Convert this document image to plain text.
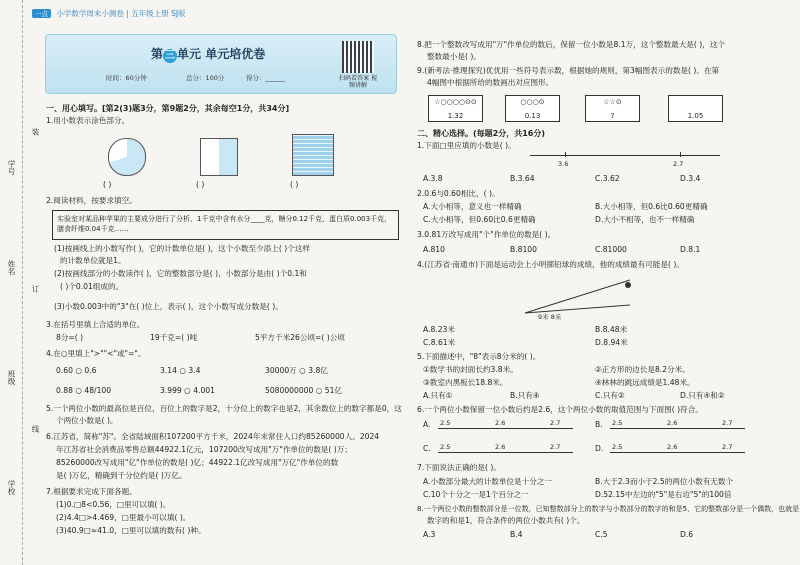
学号
姓名
班级
学校
装
订
线
一点 小学数学周末小测卷 | 五年级上册 SJ版
第 三 单元 单元培优卷
时间：60分钟	总分：100分	得分：______	扫码看答案 视频讲解
一、用心填写。[第2(3)题3分，第9题2分，其余每空1分，共34分]
1.用小数表示涂色部分。
( )	( )	( )
2.阅读材料，按要求填空。
实验室对某品种苹果的主要成分进行了分析，1千克中含有水分____克，糖分0.12千克，蛋白质0.003千克，膳食纤维0.04千克……
(1)按画线上的小数写作( )，它的计数单位是( )，这个小数至少添上( )个这样
的计数单位就是1。
(2)按画线部分的小数读作( )，它的整数部分是( )，小数部分是由( )个0.1和
( )个0.01组成的。
(3)小数0.003中的"3"在( )位上，表示( )，这个小数写成分数是( )。
3.在括号里填上合适的单位。
8分=( )	19千克=( )吨	5平方千米26公顷=( )公顷
4.在○里填上">""<"或"="。
0.60 ○ 0.6	3.14 ○ 3.4	30000万 ○ 3.8亿
0.88 ○ 48/100	3.999 ○ 4.001	5080000000 ○ 51亿
5.一个两位小数的最高位是百位，百位上的数字是2，十分位上的数字也是2，其余数位上的数字都是0，这
个两位小数是( )。
6.江苏省，简称"苏"。全省陆域面积107200平方千米，2024年末常住人口约85260000人。2024
年江苏省社会消费品零售总额44922.1亿元，107200改写成用"万"作单位的数是( )万；
85260000改写成用"亿"作单位的数是( )亿；44922.1亿改写成用"万亿"作单位的数
是( )万亿，精确到千分位约是( )万亿。
7.根据要求完成下面各题。
(1)0.□8<0.56，□里可以填( )。
(2)4.4□>4.469，□里最小可以填( )。
(3)40.9□≈41.0，□里可以填的数有( )种。
8.把一个整数改写成用"万"作单位的数后，保留一位小数是8.1万，这个整数最大是( )，这个
整数最小是( )。
9.(新考法·推理探究)优优用一些符号表示数，根据她的规则，第3幅图表示的数是( )。在第
4幅图中根据所给的数画出对应图形。
☆○○○○⊙⊙
1.32
○○○⊙
0.13
☆☆⊙
?	1.05
二、精心选择。(每题2分，共16分)
1.下面□里应填的小数是( )。
3.6	2.7
A.3.8	B.3.64	C.3.62	D.3.4
2.0.6与0.60相比，( )。
A.大小相等，意义也一样精确	B.大小相等，但0.6比0.60更精确
C.大小相等，但0.60比0.6更精确	D.大小不相等，也不一样精确
3.0.81万改写成用"个"作单位的数是( )。
A.810	B.8100	C.81000	D.8.1
4.(江苏省·南通市)下面是运动会上小明掷铅球的成绩，他的成绩最有可能是( )。
9米 8米
A.8.23米	B.8.48米
C.8.61米	D.8.94米
5.下面描述中，"8"表示8分米的( )。
①数学书的封面长约3.8米。	②正方形的边长是8.2分米。
③教室内黑板长18.8米。	④林林的跳远成绩是1.48米。
A.只有①	B.只有④	C.只有②	D.只有④和②
6.一个两位小数保留一位小数后约是2.6，这个两位小数的取值范围与下面图( )符合。
A. 2.5	2.6	2.7	B. 2.5	2.6	2.7
C. 2.5	2.6	2.7	D. 2.5	2.6	2.7
7.下面说法正确的是( )。
A.小数部分最大的计数单位是十分之一	B.大于2.3而小于2.5的两位小数有无数个
C.10个十分之一是1个百分之一	D.52.15中左边的"5"是右边"5"的100倍
8.一个两位小数的整数部分是一位数，已知整数部分上的数字与小数部分的数字的和是5，它的整数部分是一个偶数，也就是
数字的和是1，符合条件的两位小数共有( )个。
A.3	B.4	C.5	D.6
